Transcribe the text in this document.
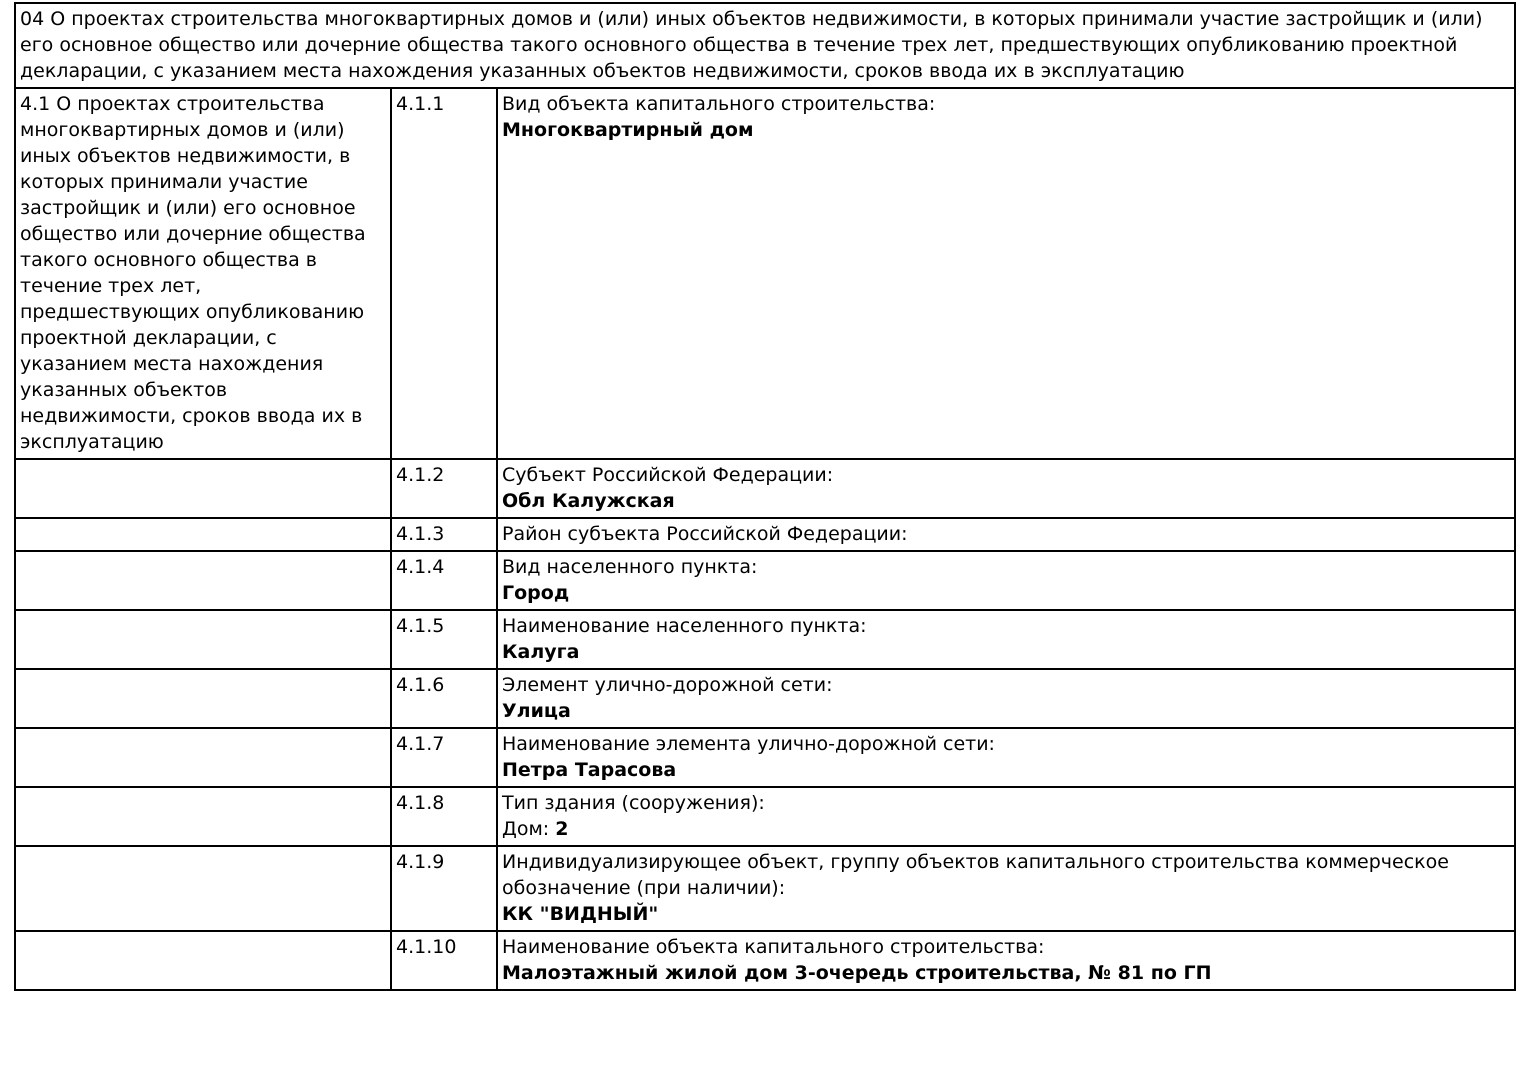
04 О проектах строительства многоквартирных домов и (или) иных объектов недвижимости, в которых принимали участие застройщик и (или) его основное общество или дочерние общества такого основного общества в течение трех лет, предшествующих опубликованию проектной декларации, с указанием места нахождения указанных объектов недвижимости, сроков ввода их в эксплуатацию		
4.1 О проектах строительства многоквартирных домов и (или) иных объектов недвижимости, в которых принимали участие застройщик и (или) его основное общество или дочерние общества такого основного общества в течение трех лет, предшествующих опубликованию проектной декларации, с указанием места нахождения указанных объектов недвижимости, сроков ввода их в эксплуатацию	4.1.1	Вид объекта капитального строительства:
Многоквартирный дом

	4.1.2	Субъект Российской Федерации:
Обл Калужская

	4.1.3	Район субъекта Российской Федерации:

	4.1.4	Вид населенного пункта:
Город

	4.1.5	Наименование населенного пункта:
Калуга

	4.1.6	Элемент улично-дорожной сети:
Улица

	4.1.7	Наименование элемента улично-дорожной сети:
Петра Тарасова

	4.1.8	Тип здания (сооружения):
Дом: 2

	4.1.9	Индивидуализирующее объект, группу объектов капитального строительства коммерческое обозначение (при наличии):
КК "ВИДНЫЙ"

	4.1.10	Наименование объекта капитального строительства:
Малоэтажный жилой дом 3-очередь строительства, № 81 по ГП
